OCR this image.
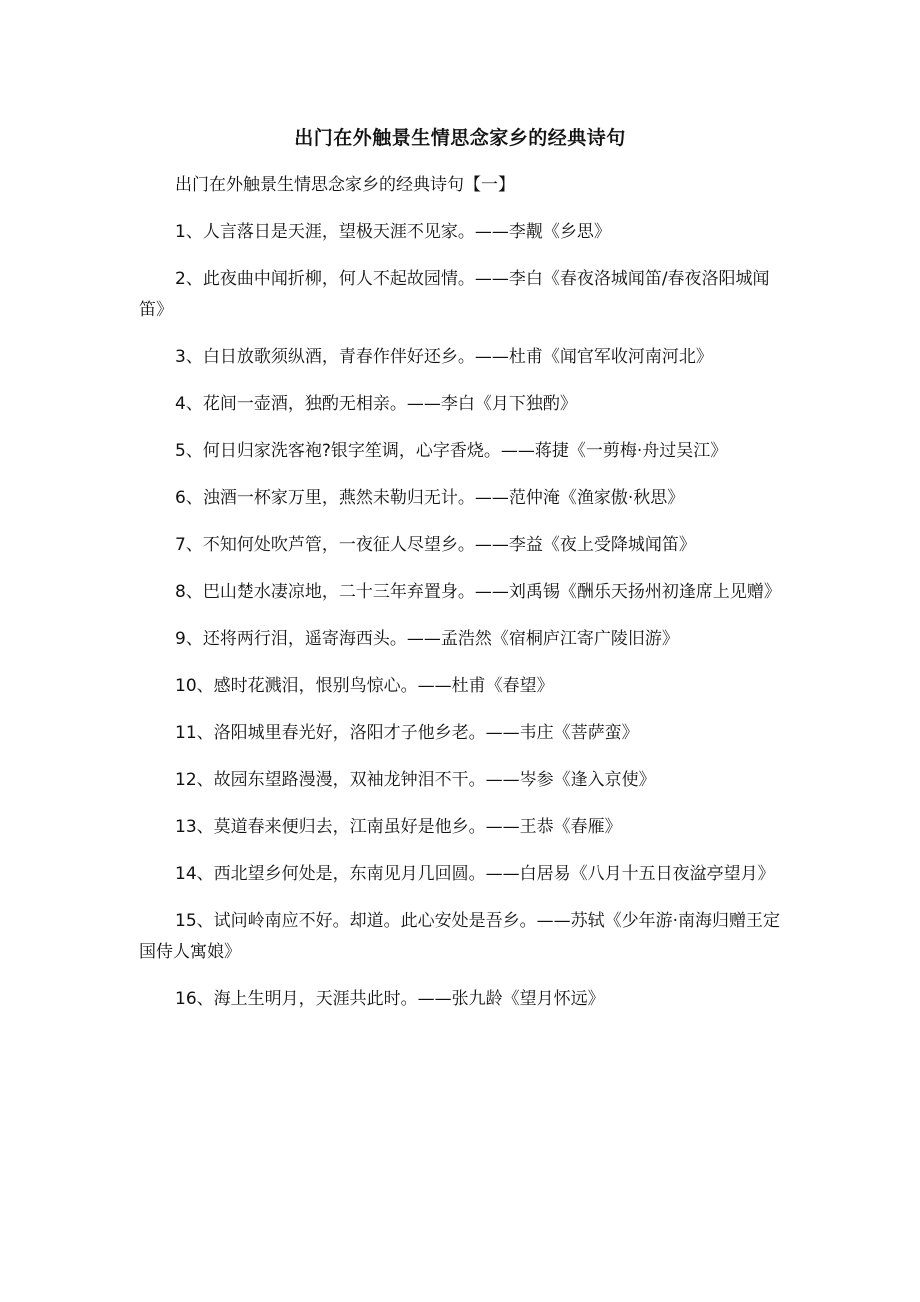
出门在外触景生情思念家乡的经典诗句

出门在外触景生情思念家乡的经典诗句【一】

1、人言落日是天涯，望极天涯不见家。——李觏《乡思》

2、此夜曲中闻折柳，何人不起故园情。——李白《春夜洛城闻笛/春夜洛阳城闻笛》

3、白日放歌须纵酒，青春作伴好还乡。——杜甫《闻官军收河南河北》

4、花间一壶酒，独酌无相亲。——李白《月下独酌》

5、何日归家洗客袍?银字笙调，心字香烧。——蒋捷《一剪梅·舟过吴江》

6、浊酒一杯家万里，燕然未勒归无计。——范仲淹《渔家傲·秋思》

7、不知何处吹芦管，一夜征人尽望乡。——李益《夜上受降城闻笛》

8、巴山楚水凄凉地，二十三年弃置身。——刘禹锡《酬乐天扬州初逢席上见赠》

9、还将两行泪，遥寄海西头。——孟浩然《宿桐庐江寄广陵旧游》

10、感时花溅泪，恨别鸟惊心。——杜甫《春望》

11、洛阳城里春光好，洛阳才子他乡老。——韦庄《菩萨蛮》

12、故园东望路漫漫，双袖龙钟泪不干。——岑参《逢入京使》

13、莫道春来便归去，江南虽好是他乡。——王恭《春雁》

14、西北望乡何处是，东南见月几回圆。——白居易《八月十五日夜湓亭望月》

15、试问岭南应不好。却道。此心安处是吾乡。——苏轼《少年游·南海归赠王定国侍人寓娘》

16、海上生明月，天涯共此时。——张九龄《望月怀远》
